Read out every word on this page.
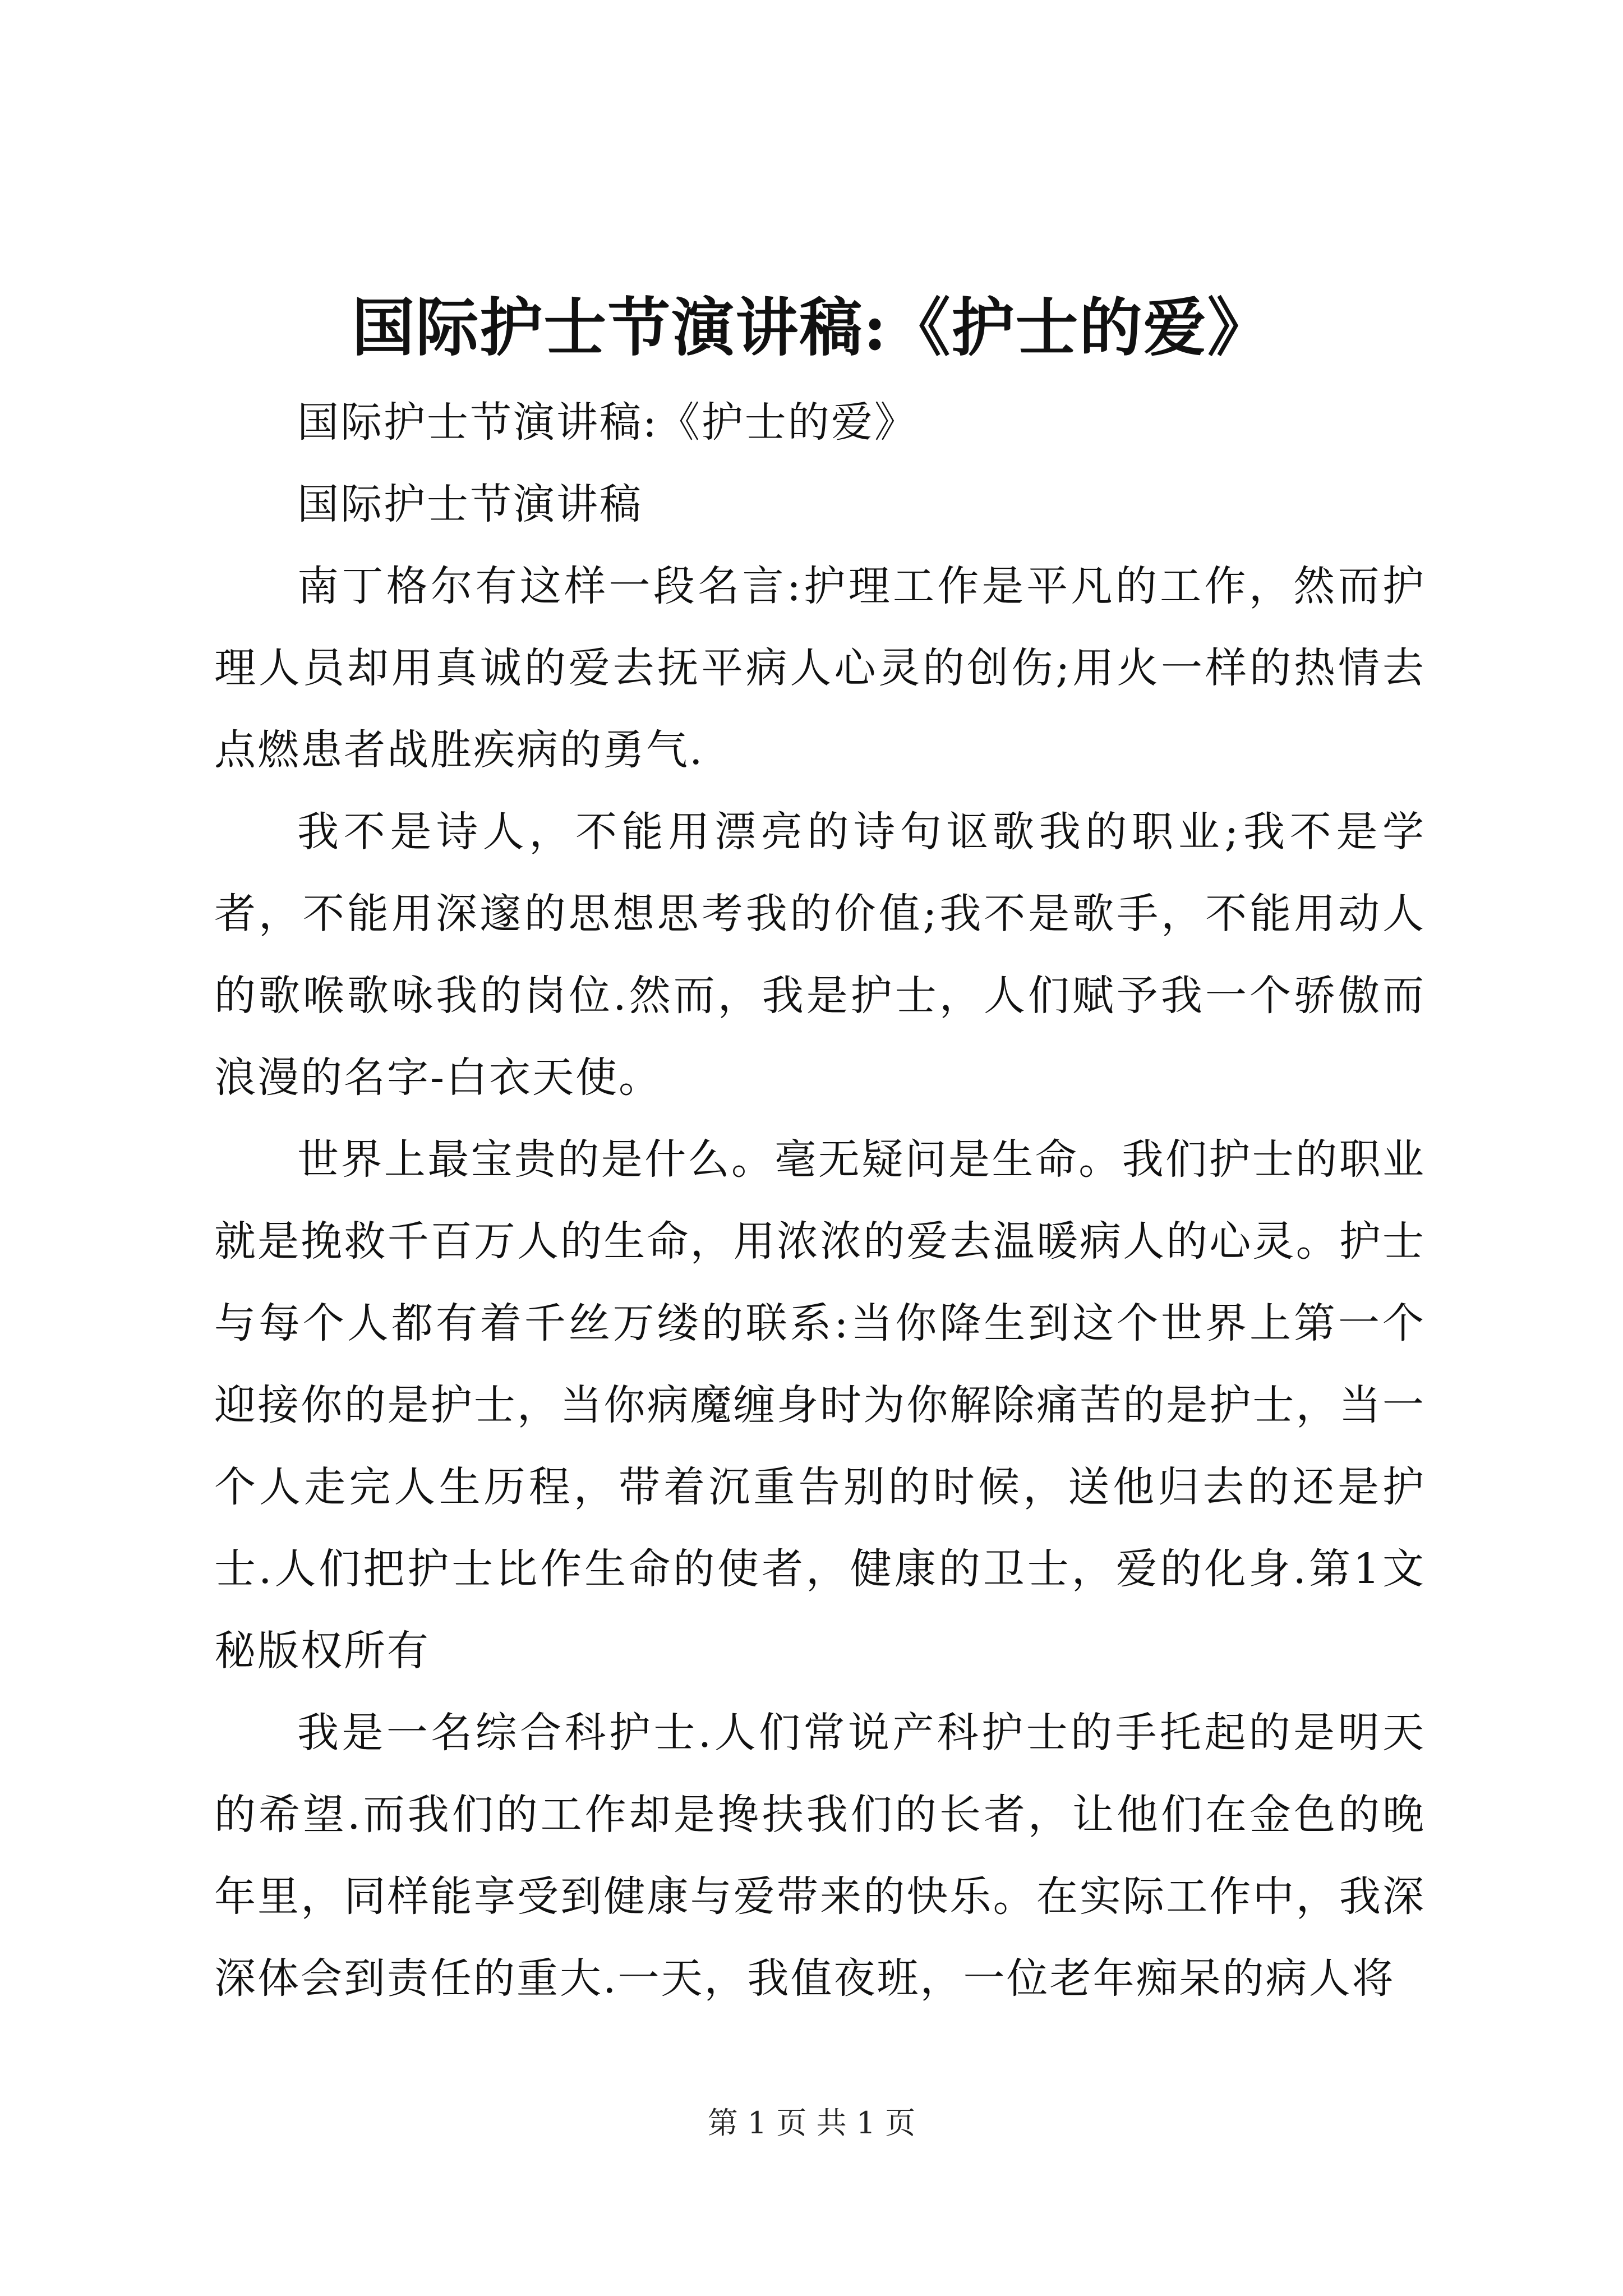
国际护士节演讲稿:《护士的爱》

国际护士节演讲稿:《护士的爱》

国际护士节演讲稿

南丁格尔有这样一段名言:护理工作是平凡的工作，然而护理人员却用真诚的爱去抚平病人心灵的创伤;用火一样的热情去点燃患者战胜疾病的勇气.

我不是诗人，不能用漂亮的诗句讴歌我的职业;我不是学者，不能用深邃的思想思考我的价值;我不是歌手，不能用动人的歌喉歌咏我的岗位.然而，我是护士，人们赋予我一个骄傲而浪漫的名字-白衣天使。

世界上最宝贵的是什么。毫无疑问是生命。我们护士的职业就是挽救千百万人的生命，用浓浓的爱去温暖病人的心灵。护士与每个人都有着千丝万缕的联系:当你降生到这个世界上第一个迎接你的是护士，当你病魔缠身时为你解除痛苦的是护士，当一个人走完人生历程，带着沉重告别的时候，送他归去的还是护士.人们把护士比作生命的使者，健康的卫士，爱的化身.第1文秘版权所有

我是一名综合科护士.人们常说产科护士的手托起的是明天的希望.而我们的工作却是搀扶我们的长者，让他们在金色的晚年里，同样能享受到健康与爱带来的快乐。在实际工作中，我深深体会到责任的重大.一天，我值夜班，一位老年痴呆的病人将

第 1 页 共 1 页
